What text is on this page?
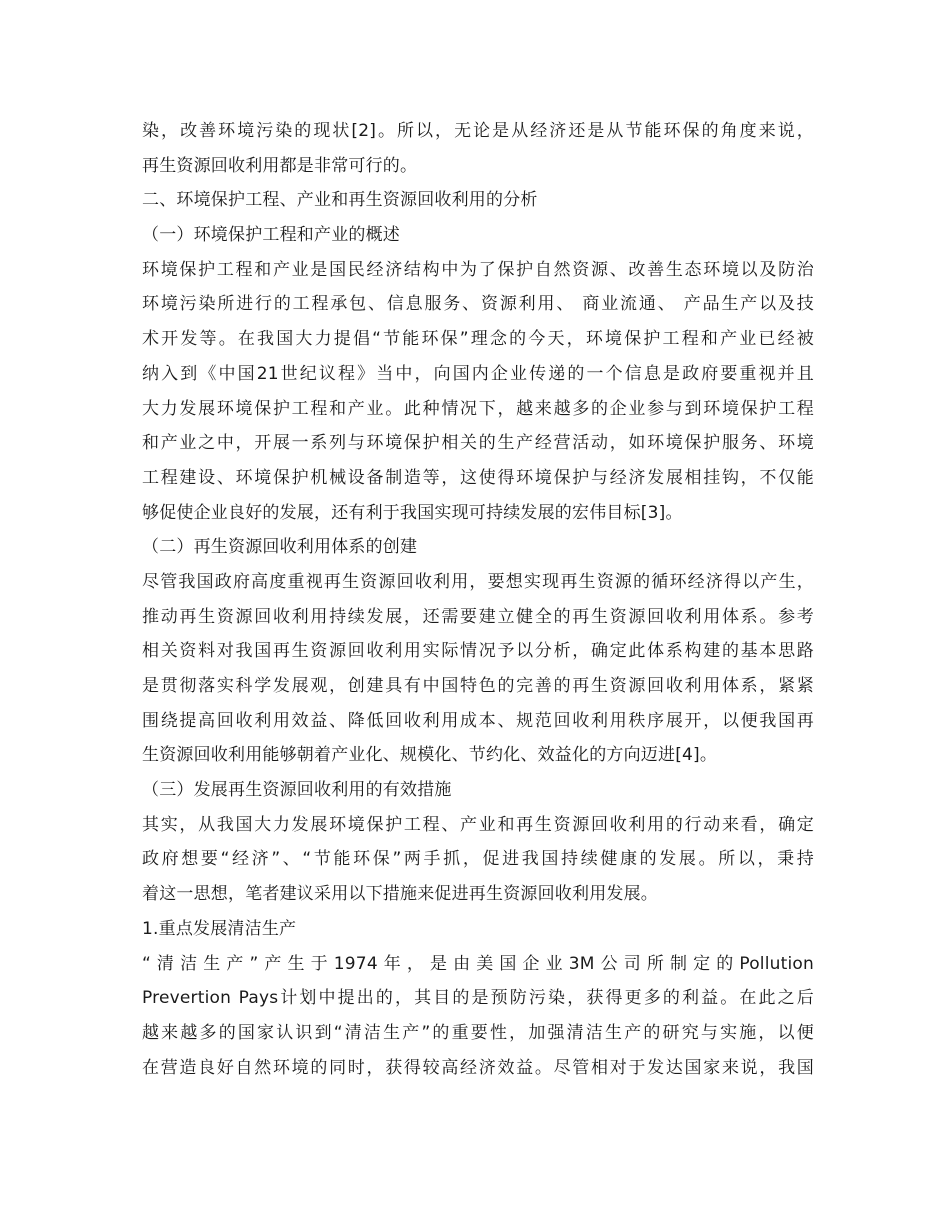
染，改善环境污染的现状[2]。所以，无论是从经济还是从节能环保的角度来说，
再生资源回收利用都是非常可行的。
二、环境保护工程、产业和再生资源回收利用的分析
（一）环境保护工程和产业的概述
环境保护工程和产业是国民经济结构中为了保护自然资源、改善生态环境以及防治
环境污染所进行的工程承包、信息服务、资源利用、 商业流通、 产品生产以及技
术开发等。在我国大力提倡“节能环保”理念的今天，环境保护工程和产业已经被
纳入到《中国21世纪议程》当中，向国内企业传递的一个信息是政府要重视并且
大力发展环境保护工程和产业。此种情况下，越来越多的企业参与到环境保护工程
和产业之中，开展一系列与环境保护相关的生产经营活动，如环境保护服务、环境
工程建设、环境保护机械设备制造等，这使得环境保护与经济发展相挂钩，不仅能
够促使企业良好的发展，还有利于我国实现可持续发展的宏伟目标[3]。
（二）再生资源回收利用体系的创建
尽管我国政府高度重视再生资源回收利用，要想实现再生资源的循环经济得以产生，
推动再生资源回收利用持续发展，还需要建立健全的再生资源回收利用体系。参考
相关资料对我国再生资源回收利用实际情况予以分析，确定此体系构建的基本思路
是贯彻落实科学发展观，创建具有中国特色的完善的再生资源回收利用体系，紧紧
围绕提高回收利用效益、降低回收利用成本、规范回收利用秩序展开，以便我国再
生资源回收利用能够朝着产业化、规模化、节约化、效益化的方向迈进[4]。
（三）发展再生资源回收利用的有效措施
其实，从我国大力发展环境保护工程、产业和再生资源回收利用的行动来看，确定
政府想要“经济”、“节能环保”两手抓，促进我国持续健康的发展。所以，秉持
着这一思想，笔者建议采用以下措施来促进再生资源回收利用发展。
1.重点发展清洁生产
“清洁生产”产生于1974年，是由美国企业3M公司所制定的Pollution
Prevertion Pays计划中提出的，其目的是预防污染，获得更多的利益。在此之后
越来越多的国家认识到“清洁生产”的重要性，加强清洁生产的研究与实施，以便
在营造良好自然环境的同时，获得较高经济效益。尽管相对于发达国家来说，我国
